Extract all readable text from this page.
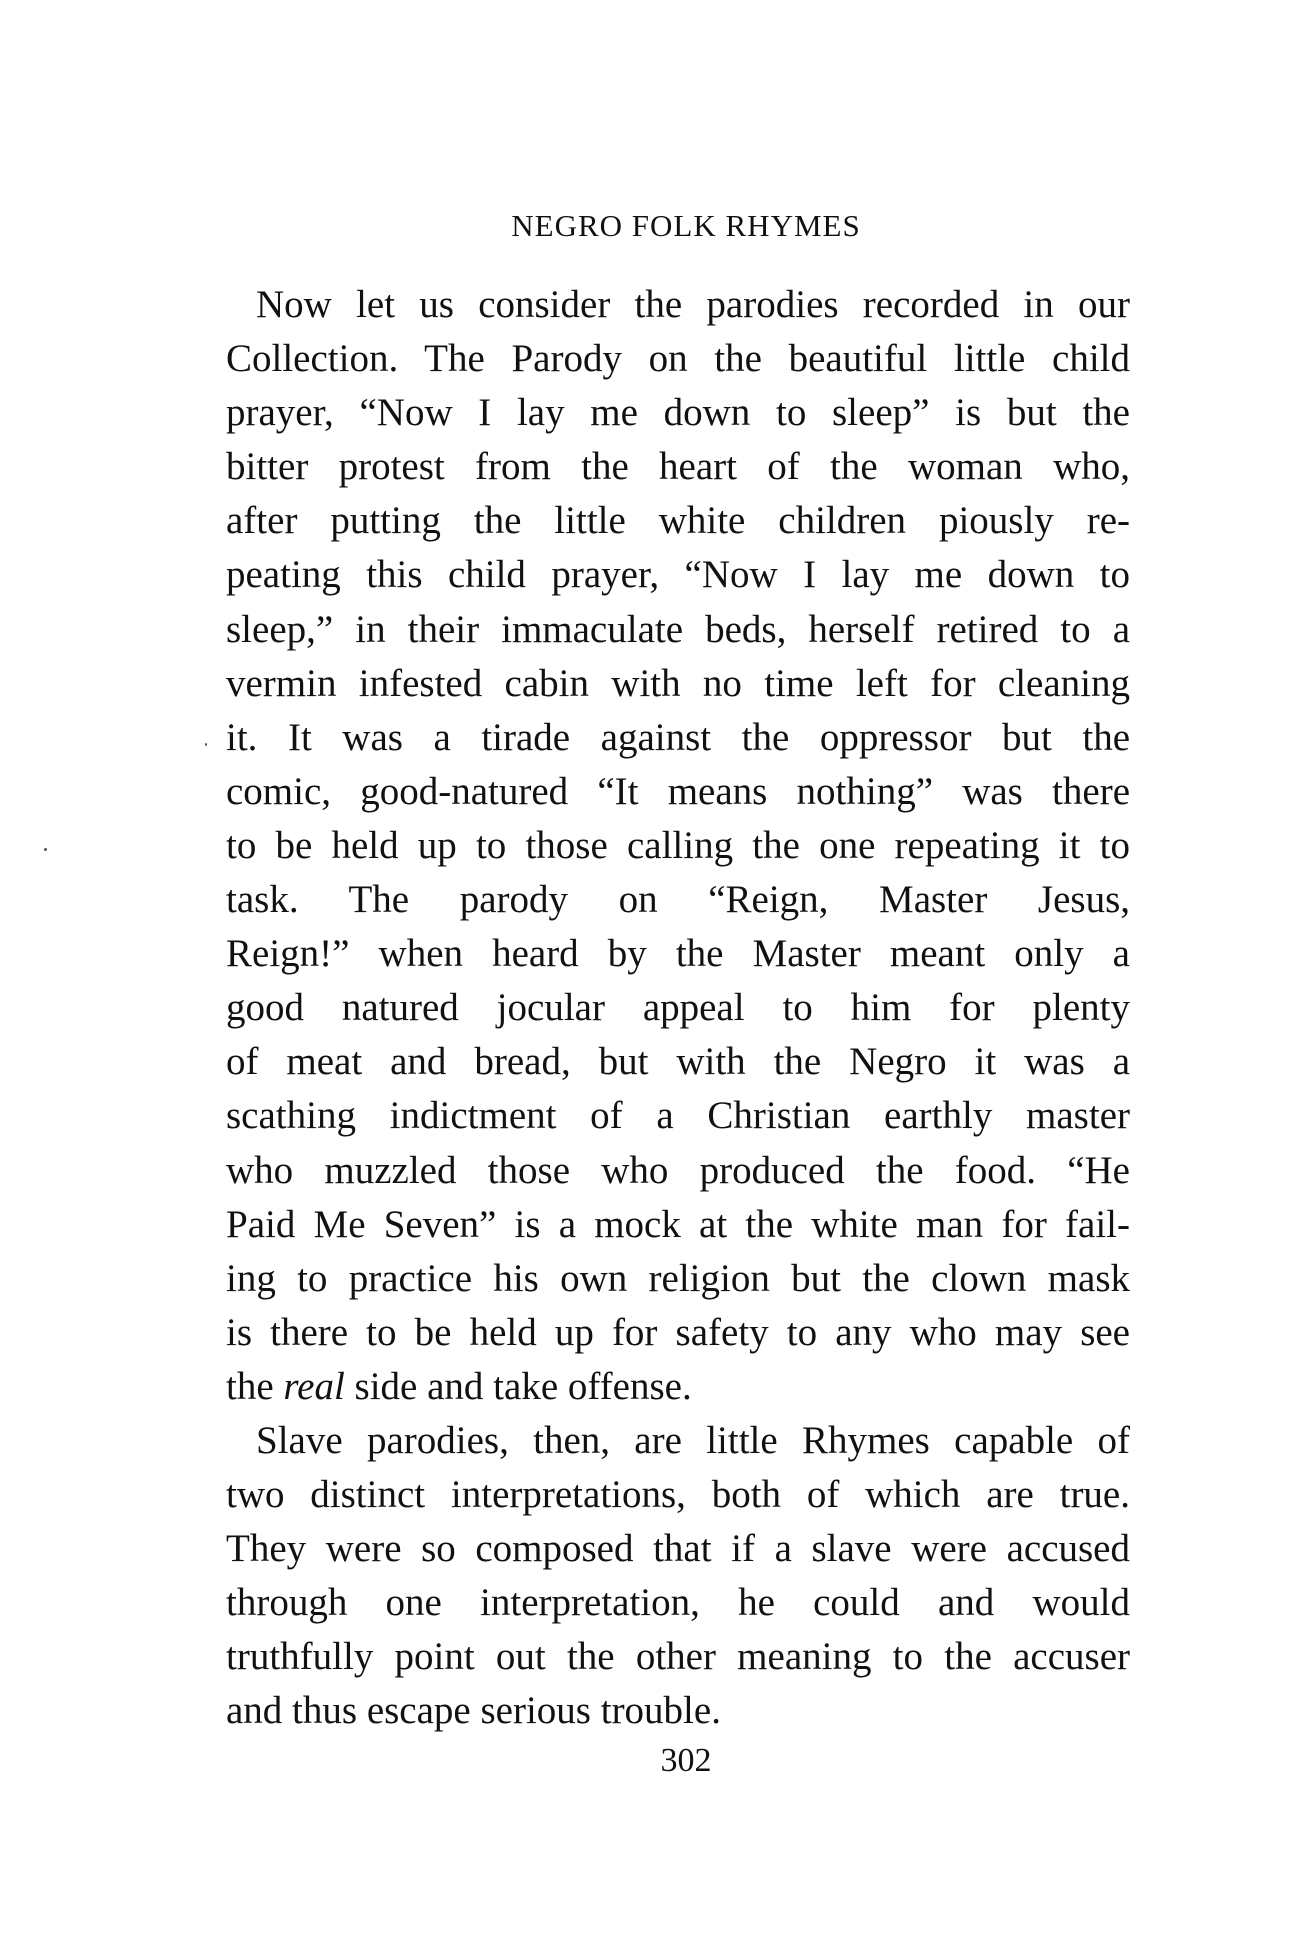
NEGRO FOLK RHYMES
Now let us consider the parodies recorded in our
Collection. The Parody on the beautiful little child
prayer, “Now I lay me down to sleep” is but the
bitter protest from the heart of the woman who,
after putting the little white children piously re-
peating this child prayer, “Now I lay me down to
sleep,” in their immaculate beds, herself retired to a
vermin infested cabin with no time left for cleaning
it. It was a tirade against the oppressor but the
comic, good-natured “It means nothing” was there
to be held up to those calling the one repeating it to
task. The parody on “Reign, Master Jesus,
Reign!” when heard by the Master meant only a
good natured jocular appeal to him for plenty
of meat and bread, but with the Negro it was a
scathing indictment of a Christian earthly master
who muzzled those who produced the food. “He
Paid Me Seven” is a mock at the white man for fail-
ing to practice his own religion but the clown mask
is there to be held up for safety to any who may see
the real side and take offense.
Slave parodies, then, are little Rhymes capable of
two distinct interpretations, both of which are true.
They were so composed that if a slave were accused
through one interpretation, he could and would
truthfully point out the other meaning to the accuser
and thus escape serious trouble.
302
